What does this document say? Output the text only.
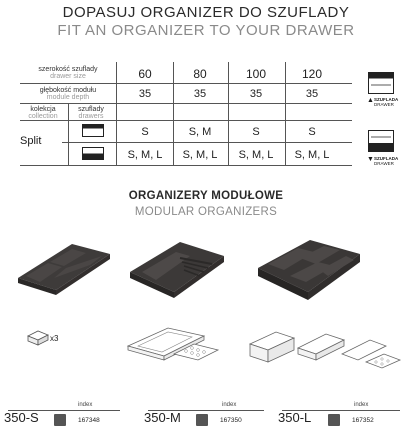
DOPASUJ ORGANIZER DO SZUFLADY
FIT AN ORGANIZER TO YOUR DRAWER
szerokość szuflady
drawer size
głębokość modułu
module depth
kolekcja
collection
szuflady
drawers
60	80	100	120
35	35	35	35
Split
S	S, M	S	S
S, M, L	S, M, L	S, M, L	S, M, L
▲ SZUFLADA
DRAWER
▼ SZUFLADA
DRAWER
ORGANIZERY MODUŁOWE
MODULAR ORGANIZERS
x3
350-S
index
167348	350-M
index
167350	350-L
index
167352
